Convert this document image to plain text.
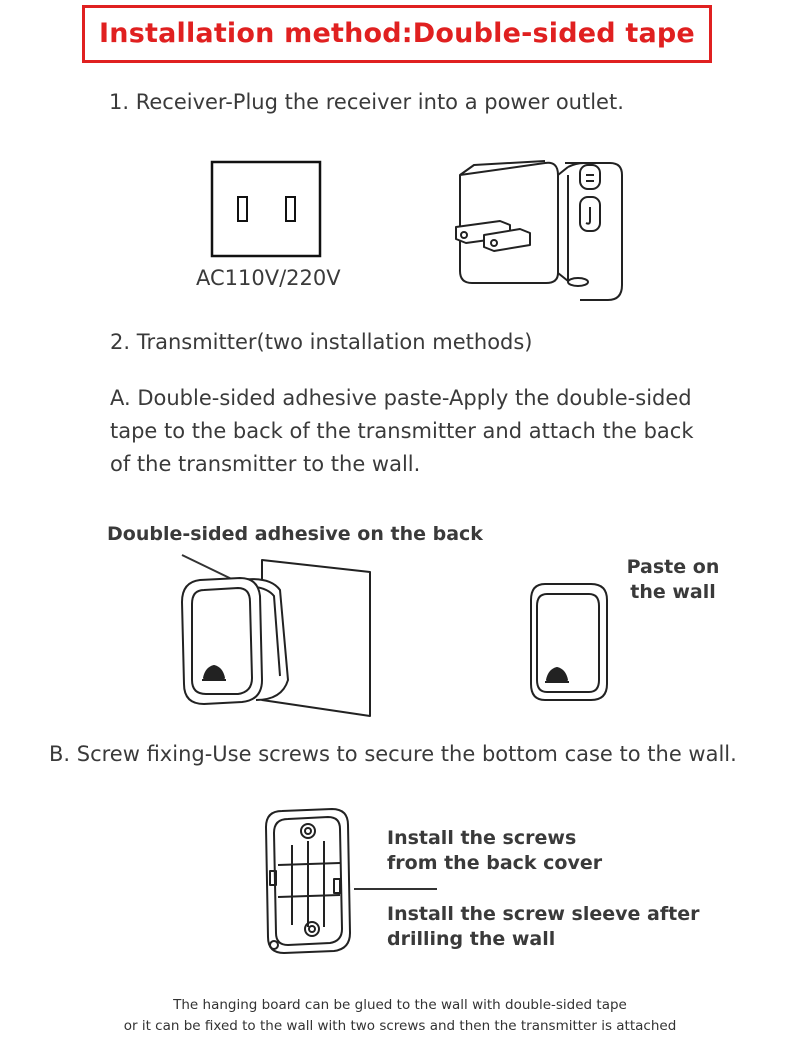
Installation method:Double-sided tape
1. Receiver-Plug the receiver into a power outlet.
AC110V/220V
2. Transmitter(two installation methods)
A. Double-sided adhesive paste-Apply the double-sided
tape to the back of the transmitter and attach the back
of the transmitter to the wall.
Double-sided adhesive on the back
Paste on
the wall
B. Screw fixing-Use screws to secure the bottom case to the wall.
Install the screws
from the back cover
Install the screw sleeve after
drilling the wall
The hanging board can be glued to the wall with double-sided tape
or it can be fixed to the wall with two screws and then the transmitter is attached
